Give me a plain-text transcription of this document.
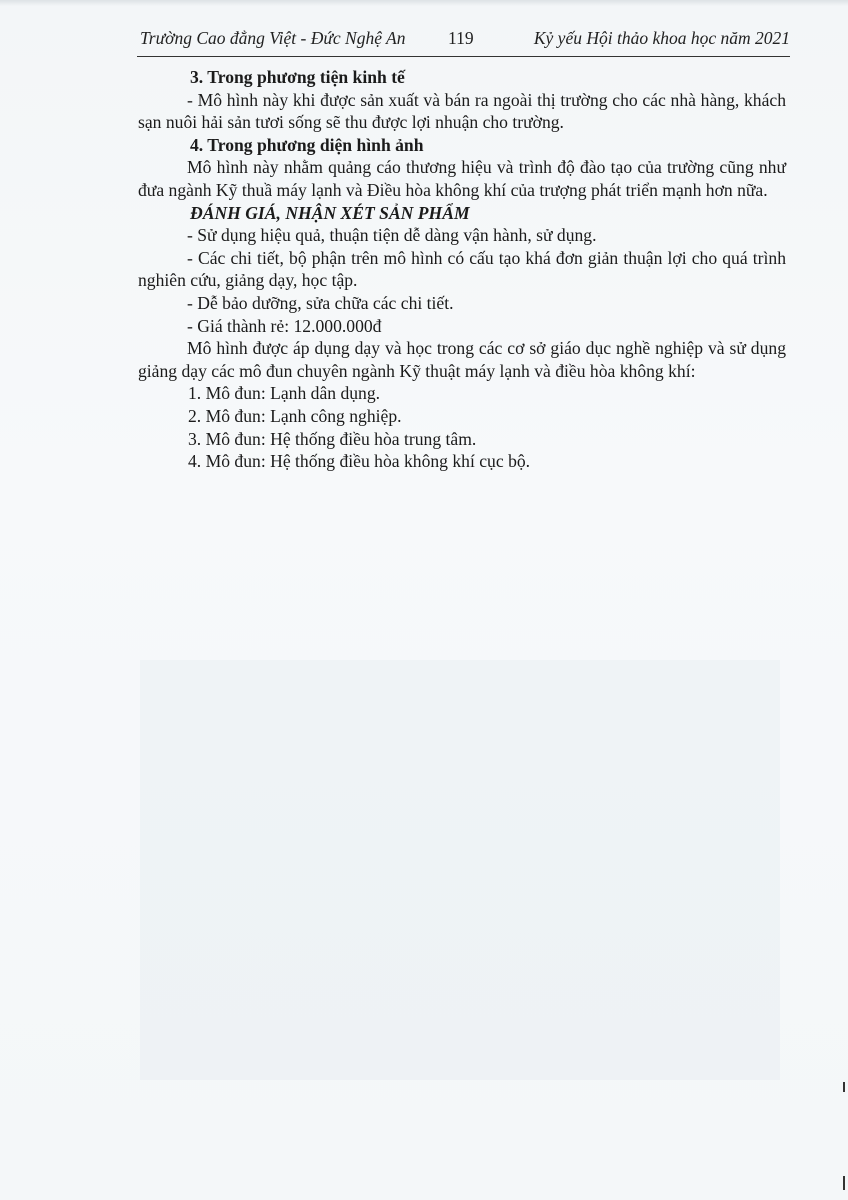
Trường Cao đẳng Việt - Đức Nghệ An 119	Kỷ yếu Hội thảo khoa học năm 2021

3. Trong phương tiện kinh tế

- Mô hình này khi được sản xuất và bán ra ngoài thị trường cho các nhà hàng, khách sạn nuôi hải sản tươi sống sẽ thu được lợi nhuận cho trường.

4. Trong phương diện hình ảnh

Mô hình này nhằm quảng cáo thương hiệu và trình độ đào tạo của trường cũng như đưa ngành Kỹ thuầ máy lạnh và Điều hòa không khí của trượng phát triển mạnh hơn nữa.

ĐÁNH GIÁ, NHẬN XÉT SẢN PHẨM

- Sử dụng hiệu quả, thuận tiện dễ dàng vận hành, sử dụng.

- Các chi tiết, bộ phận trên mô hình có cấu tạo khá đơn giản thuận lợi cho quá trình nghiên cứu, giảng dạy, học tập.

- Dễ bảo dưỡng, sửa chữa các chi tiết.

- Giá thành rẻ: 12.000.000đ

Mô hình được áp dụng dạy và học trong các cơ sở giáo dục nghề nghiệp và sử dụng giảng dạy các mô đun chuyên ngành Kỹ thuật máy lạnh và điều hòa không khí:

1. Mô đun: Lạnh dân dụng.

2. Mô đun: Lạnh công nghiệp.

3. Mô đun: Hệ thống điều hòa trung tâm.

4. Mô đun: Hệ thống điều hòa không khí cục bộ.
